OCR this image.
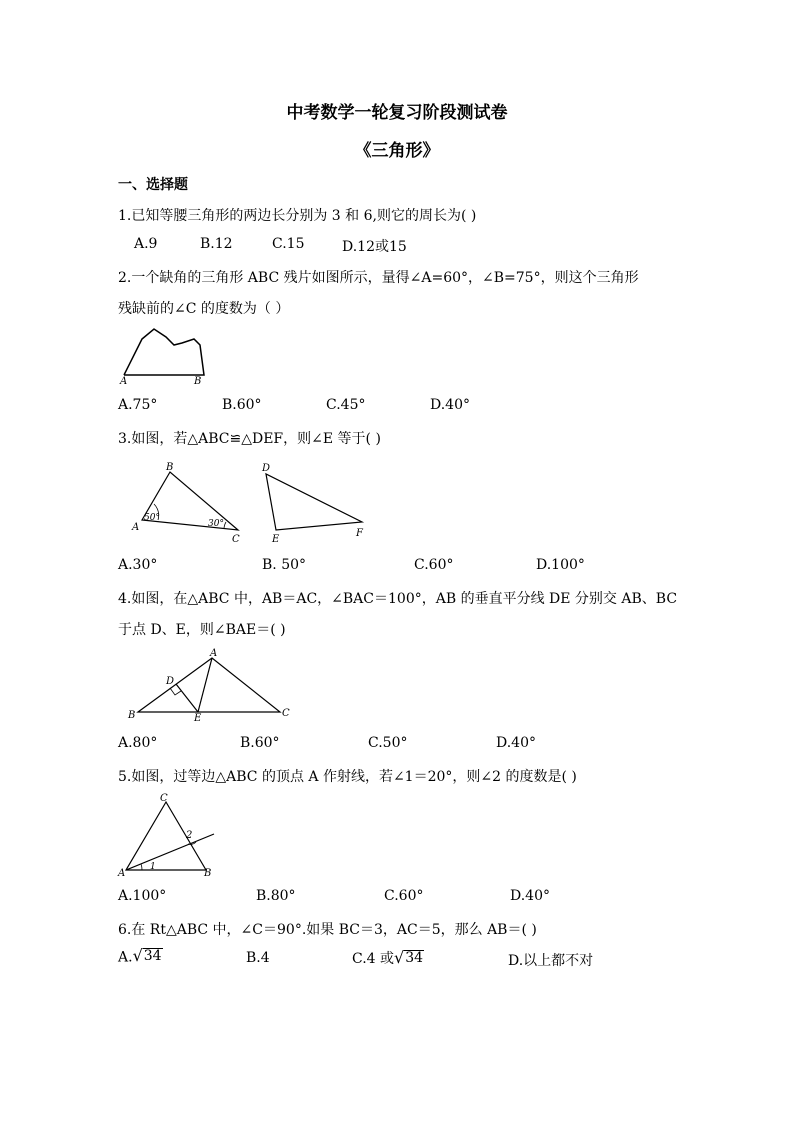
中考数学一轮复习阶段测试卷
《三角形》
一、选择题
1.已知等腰三角形的两边长分别为 3 和 6,则它的周长为( )
A.9	B.12	C.15	D.12或15
2.一个缺角的三角形 ABC 残片如图所示，量得∠A=60°，∠B=75°，则这个三角形
残缺前的∠C 的度数为（ ）
A	B
A.75°	B.60°	C.45°	D.40°
3.如图，若△ABC≌△DEF，则∠E 等于( )
B
A
C
50°
30°
D
E
F
A.30°	B. 50°	C.60°	D.100°
4.如图，在△ABC 中，AB＝AC，∠BAC＝100°，AB 的垂直平分线 DE 分别交 AB、BC
于点 D、E，则∠BAE＝( )
A
D
B	E	C
A.80°	B.60°	C.50°	D.40°
5.如图，过等边△ABC 的顶点 A 作射线，若∠1＝20°，则∠2 的度数是( )
C
2
A
1
B
A.100°	B.80°	C.60°	D.40°
6.在 Rt△ABC 中，∠C＝90°.如果 BC＝3，AC＝5，那么 AB＝( )
A. √ 34	B.4	C.4 或 √ 34	D.以上都不对
